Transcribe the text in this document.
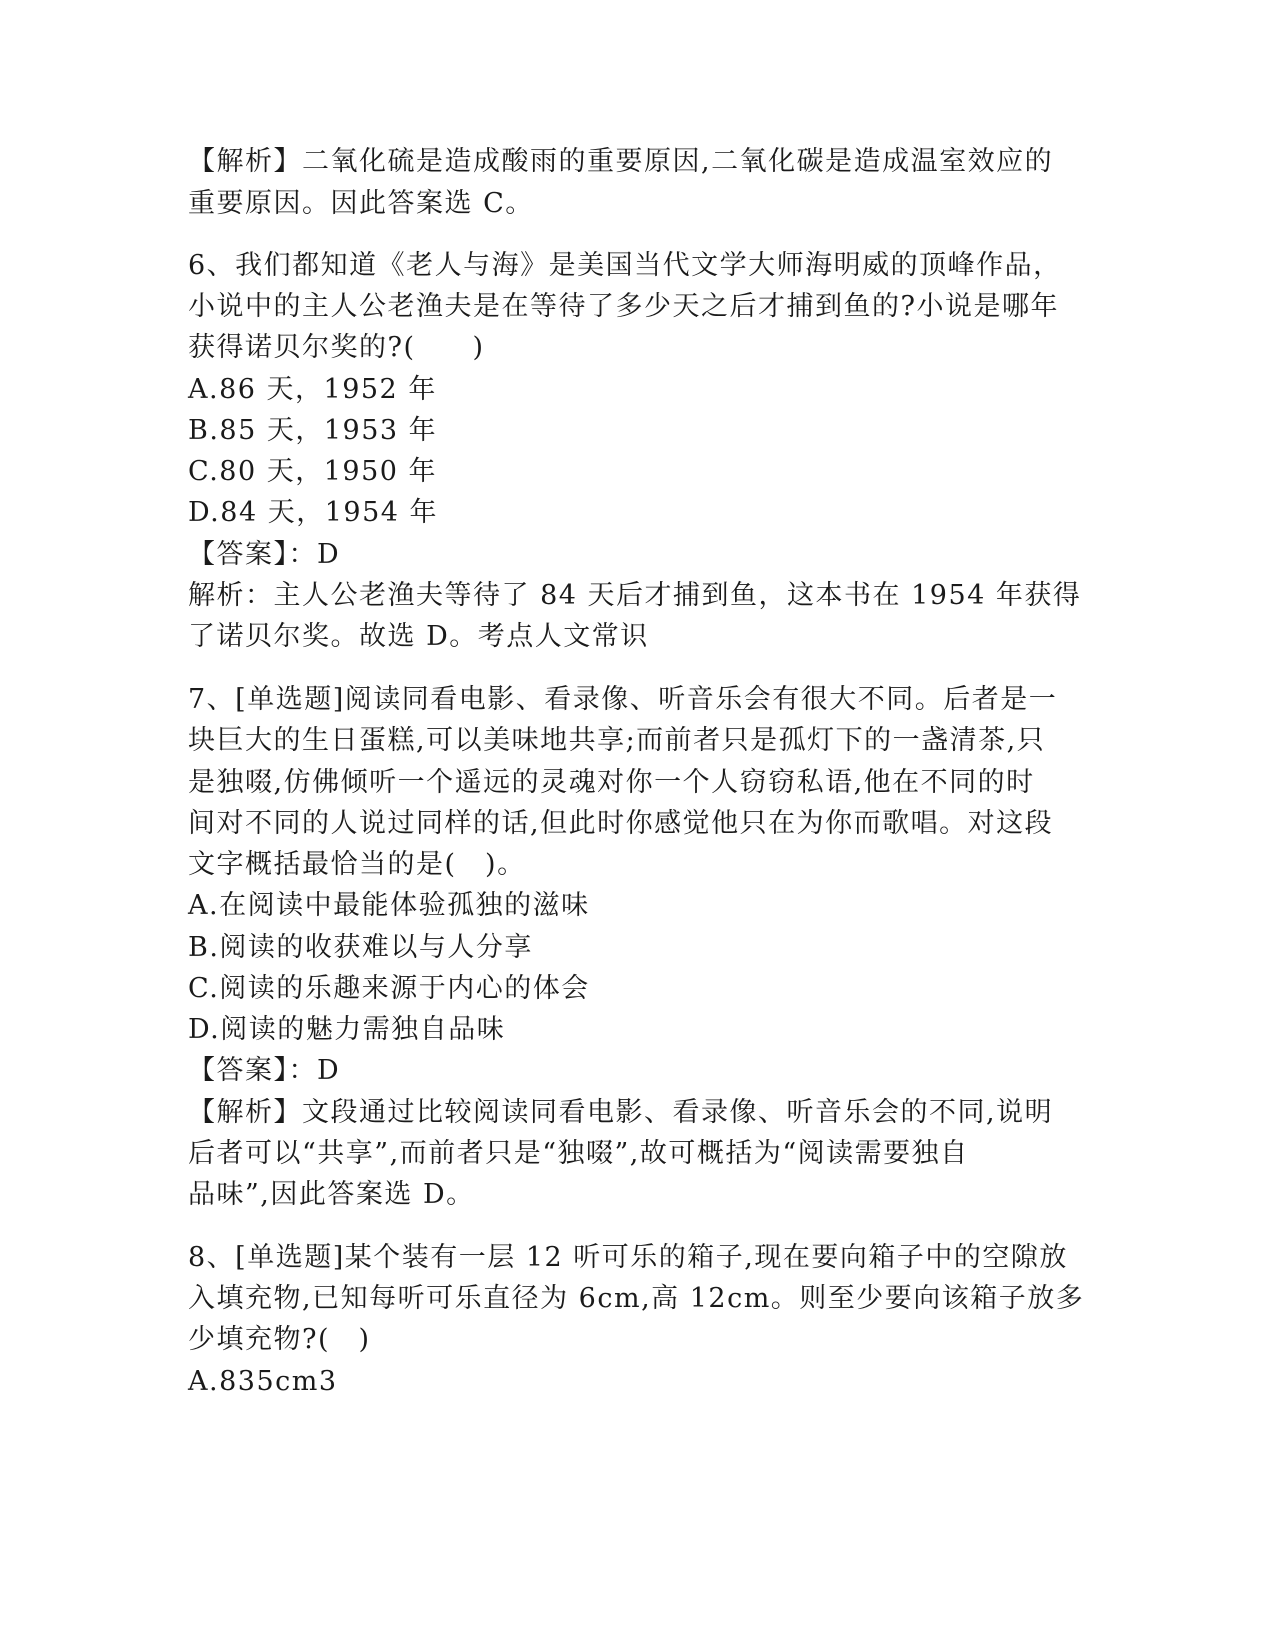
【解析】二氧化硫是造成酸雨的重要原因,二氧化碳是造成温室效应的

重要原因。因此答案选 C。

6、我们都知道《老人与海》是美国当代文学大师海明威的顶峰作品，

小说中的主人公老渔夫是在等待了多少天之后才捕到鱼的?小说是哪年

获得诺贝尔奖的?(　　)

A.86 天，1952 年

B.85 天，1953 年

C.80 天，1950 年

D.84 天，1954 年

【答案】：D

解析：主人公老渔夫等待了 84 天后才捕到鱼，这本书在 1954 年获得

了诺贝尔奖。故选 D。考点人文常识

7、[单选题]阅读同看电影、看录像、听音乐会有很大不同。后者是一

块巨大的生日蛋糕,可以美味地共享;而前者只是孤灯下的一盏清茶,只

是独啜,仿佛倾听一个遥远的灵魂对你一个人窃窃私语,他在不同的时

间对不同的人说过同样的话,但此时你感觉他只在为你而歌唱。对这段

文字概括最恰当的是(　)。

A.在阅读中最能体验孤独的滋味

B.阅读的收获难以与人分享

C.阅读的乐趣来源于内心的体会

D.阅读的魅力需独自品味

【答案】：D

【解析】文段通过比较阅读同看电影、看录像、听音乐会的不同,说明

后者可以“共享”,而前者只是“独啜”,故可概括为“阅读需要独自

品味”,因此答案选 D。

8、[单选题]某个装有一层 12 听可乐的箱子,现在要向箱子中的空隙放

入填充物,已知每听可乐直径为 6cm,高 12cm。则至少要向该箱子放多

少填充物?(　)

A.835cm3
